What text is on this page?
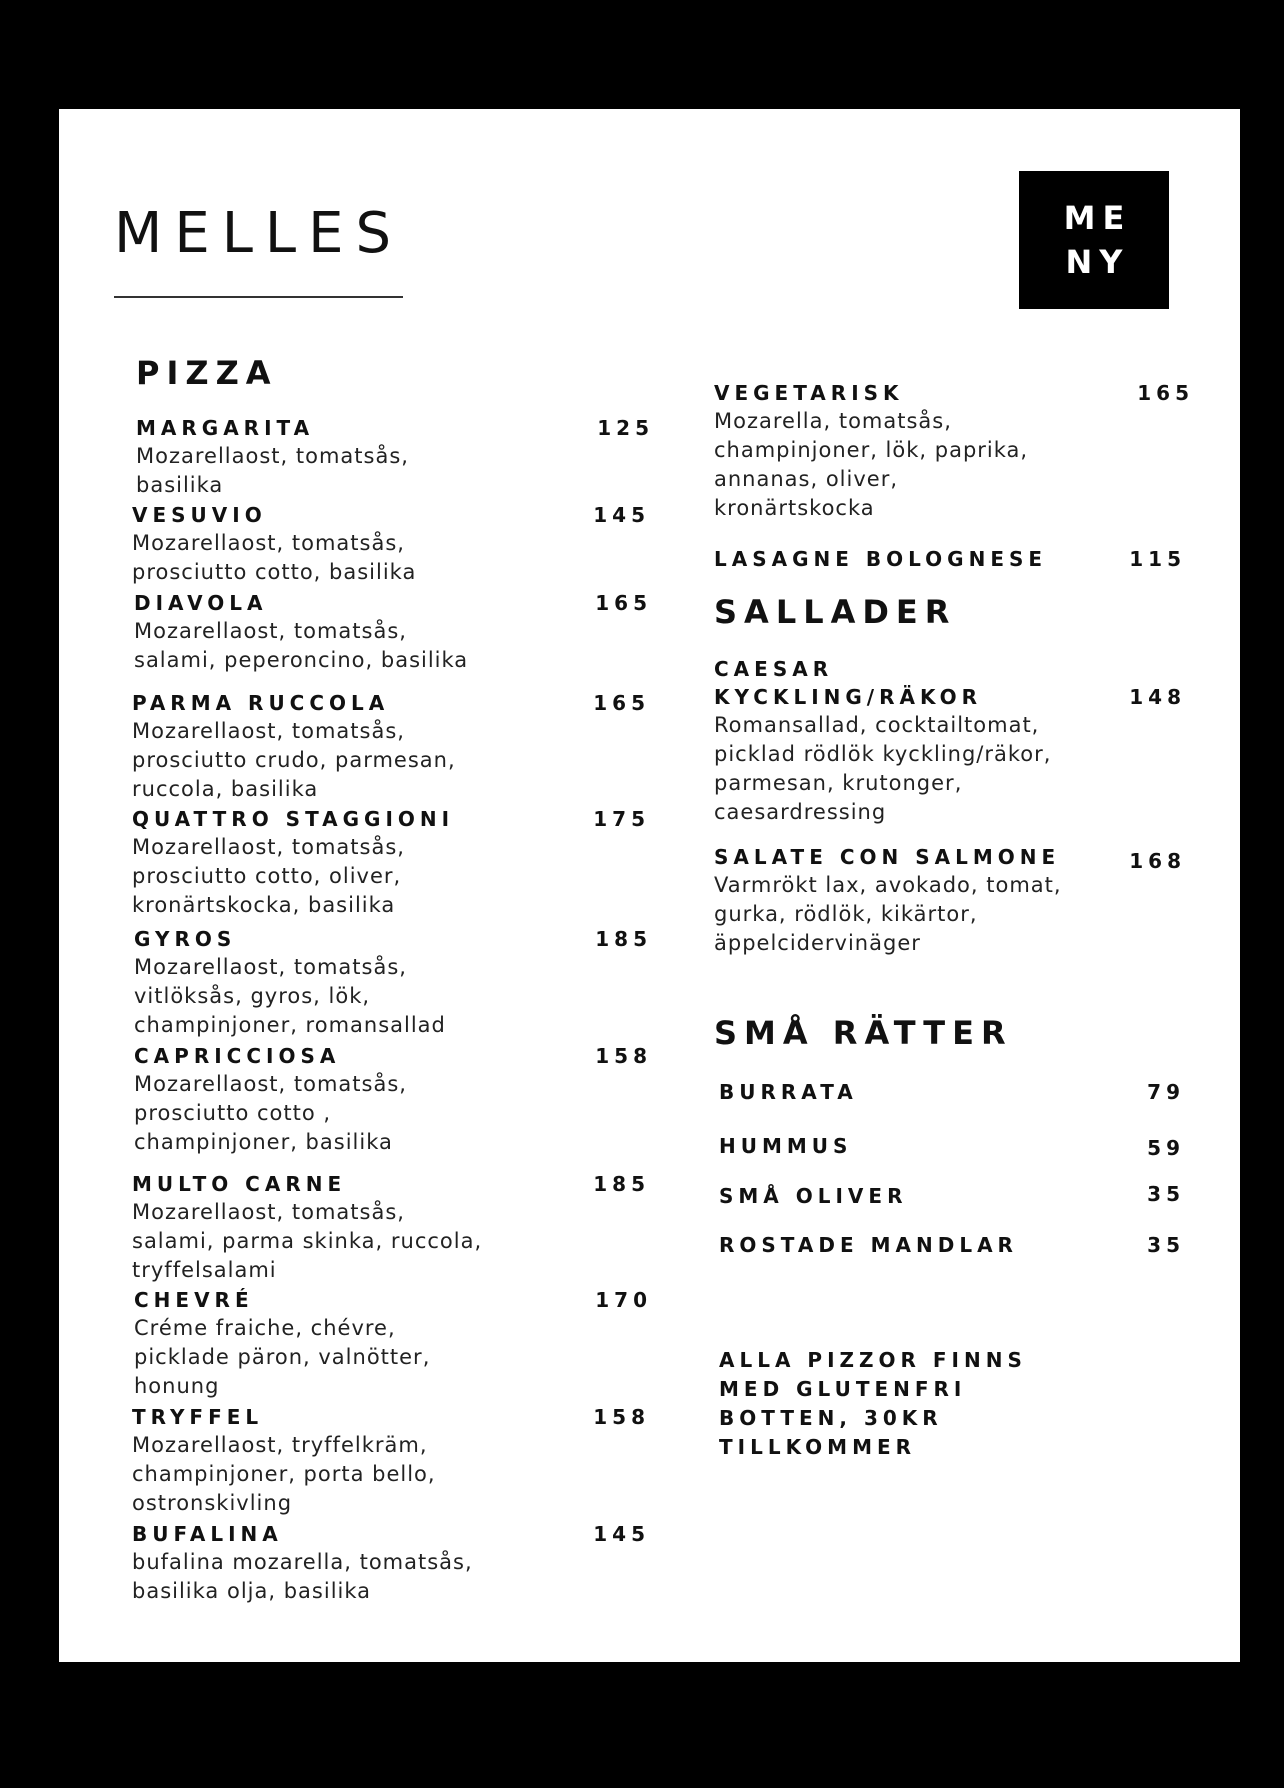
MELLES	ME
NY
PIZZA
MARGARITA	125
Mozarellaost, tomatsås,
basilika
VESUVIO	145
Mozarellaost, tomatsås,
prosciutto cotto, basilika
DIAVOLA	165
Mozarellaost, tomatsås,
salami, peperoncino, basilika
PARMA RUCCOLA	165
Mozarellaost, tomatsås,
prosciutto crudo, parmesan,
ruccola, basilika
QUATTRO STAGGIONI	175
Mozarellaost, tomatsås,
prosciutto cotto, oliver,
kronärtskocka, basilika
GYROS	185
Mozarellaost, tomatsås,
vitlöksås, gyros, lök,
champinjoner, romansallad
CAPRICCIOSA	158
Mozarellaost, tomatsås,
prosciutto cotto ,
champinjoner, basilika
MULTO CARNE	185
Mozarellaost, tomatsås,
salami, parma skinka, ruccola,
tryffelsalami
CHEVRÉ	170
Créme fraiche, chévre,
picklade päron, valnötter,
honung
TRYFFEL	158
Mozarellaost, tryffelkräm,
champinjoner, porta bello,
ostronskivling
BUFALINA	145
bufalina mozarella, tomatsås,
basilika olja, basilika
VEGETARISK	165
Mozarella, tomatsås,
champinjoner, lök, paprika,
annanas, oliver,
kronärtskocka
LASAGNE BOLOGNESE	115
SALLADER
CAESAR
KYCKLING/RÄKOR	148
Romansallad, cocktailtomat,
picklad rödlök kyckling/räkor,
parmesan, krutonger,
caesardressing
SALATE CON SALMONE	168
Varmrökt lax, avokado, tomat,
gurka, rödlök, kikärtor,
äppelcidervinäger
SMÅ RÄTTER
BURRATA	79
HUMMUS	59
SMÅ OLIVER	35
ROSTADE MANDLAR	35
ALLA PIZZOR FINNS
MED GLUTENFRI
BOTTEN, 30KR
TILLKOMMER
